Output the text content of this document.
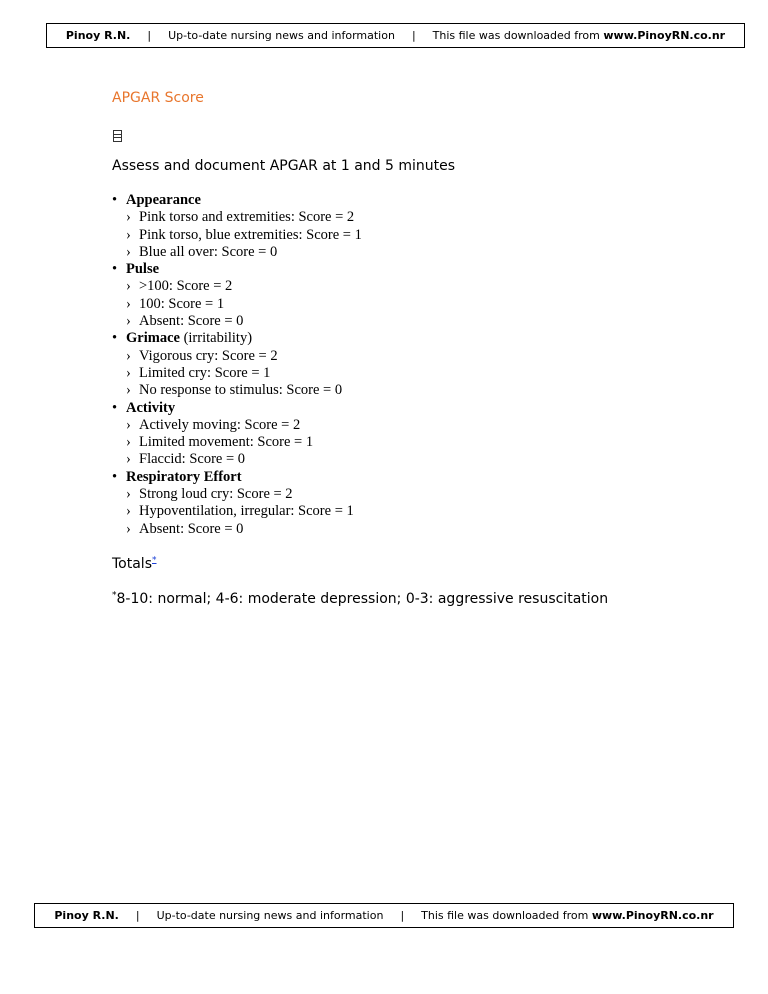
Pinoy R.N. | Up-to-date nursing news and information | This file was downloaded from
www.PinoyRN.co.nr
APGAR Score
Assess and document APGAR at 1 and 5 minutes
• Appearance
› Pink torso and extremities: Score = 2
› Pink torso, blue extremities: Score = 1
› Blue all over: Score = 0
• Pulse
› >100: Score = 2
› 100: Score = 1
› Absent: Score = 0
• Grimace (irritability)
› Vigorous cry: Score = 2
› Limited cry: Score = 1
› No response to stimulus: Score = 0
• Activity
› Actively moving: Score = 2
› Limited movement: Score = 1
› Flaccid: Score = 0
• Respiratory Effort
› Strong loud cry: Score = 2
› Hypoventilation, irregular: Score = 1
› Absent: Score = 0
Totals*
*8-10: normal; 4-6: moderate depression; 0-3: aggressive resuscitation
Pinoy R.N. | Up-to-date nursing news and information | This file was downloaded from
www.PinoyRN.co.nr
